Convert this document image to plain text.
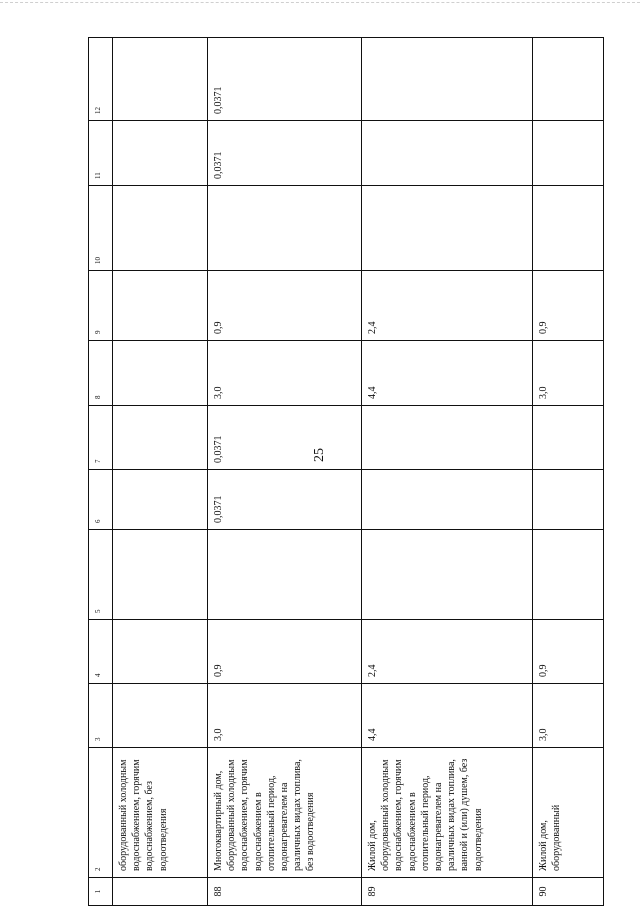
25
1
2
3
4
5
6
7
8
9
10
11
12
оборудованный холодным водоснабжением, горячим водоснабжением, без водоотведения
88
Многоквартирный дом, оборудованный холодным водоснабжением, горячим водоснабжением в отопительный период, водонагревателем на различных видах топлива, без водоотведения
3,0
0,9
0,0371
0,0371
3,0
0,9
0,0371
0,0371
89
Жилой дом, оборудованный холодным водоснабжением, горячим водоснабжением в отопительный период, водонагревателем на различных видах топлива, ванной и (или) душем, без водоотведения
4,4
2,4
4,4
2,4
90
Жилой дом, оборудованный
3,0
0,9
3,0
0,9
